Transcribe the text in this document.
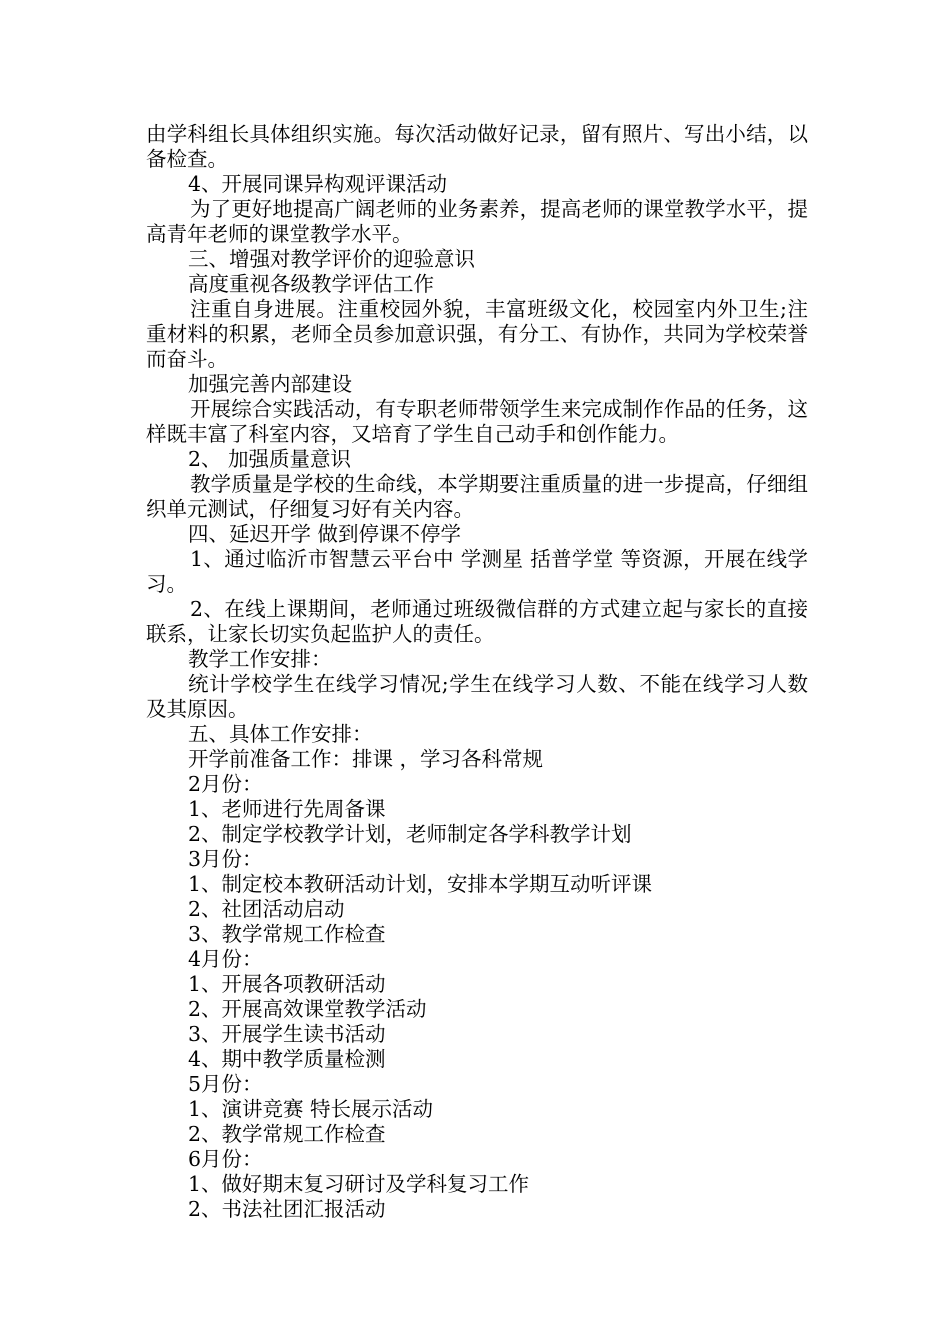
由学科组长具体组织实施。每次活动做好记录，留有照片、写出小结，以备检查。

4、开展同课异构观评课活动

为了更好地提高广阔老师的业务素养，提高老师的课堂教学水平，提高青年老师的课堂教学水平。

三、增强对教学评价的迎验意识

高度重视各级教学评估工作

注重自身进展。注重校园外貌，丰富班级文化，校园室内外卫生;注重材料的积累，老师全员参加意识强，有分工、有协作，共同为学校荣誉而奋斗。

加强完善内部建设

开展综合实践活动，有专职老师带领学生来完成制作作品的任务，这样既丰富了科室内容，又培育了学生自己动手和创作能力。

2、 加强质量意识

教学质量是学校的生命线，本学期要注重质量的进一步提高，仔细组织单元测试，仔细复习好有关内容。

四、延迟开学 做到停课不停学

1、通过临沂市智慧云平台中 学测星 括普学堂 等资源，开展在线学习。

2、在线上课期间，老师通过班级微信群的方式建立起与家长的直接联系，让家长切实负起监护人的责任。

教学工作安排：

统计学校学生在线学习情况;学生在线学习人数、不能在线学习人数及其原因。

五、具体工作安排：

开学前准备工作：排课 ，学习各科常规

2月份：

1、老师进行先周备课

2、制定学校教学计划，老师制定各学科教学计划

3月份：

1、制定校本教研活动计划，安排本学期互动听评课

2、社团活动启动

3、教学常规工作检查

4月份：

1、开展各项教研活动

2、开展高效课堂教学活动

3、开展学生读书活动

4、期中教学质量检测

5月份：

1、演讲竞赛 特长展示活动

2、教学常规工作检查

6月份：

1、做好期末复习研讨及学科复习工作

2、书法社团汇报活动
